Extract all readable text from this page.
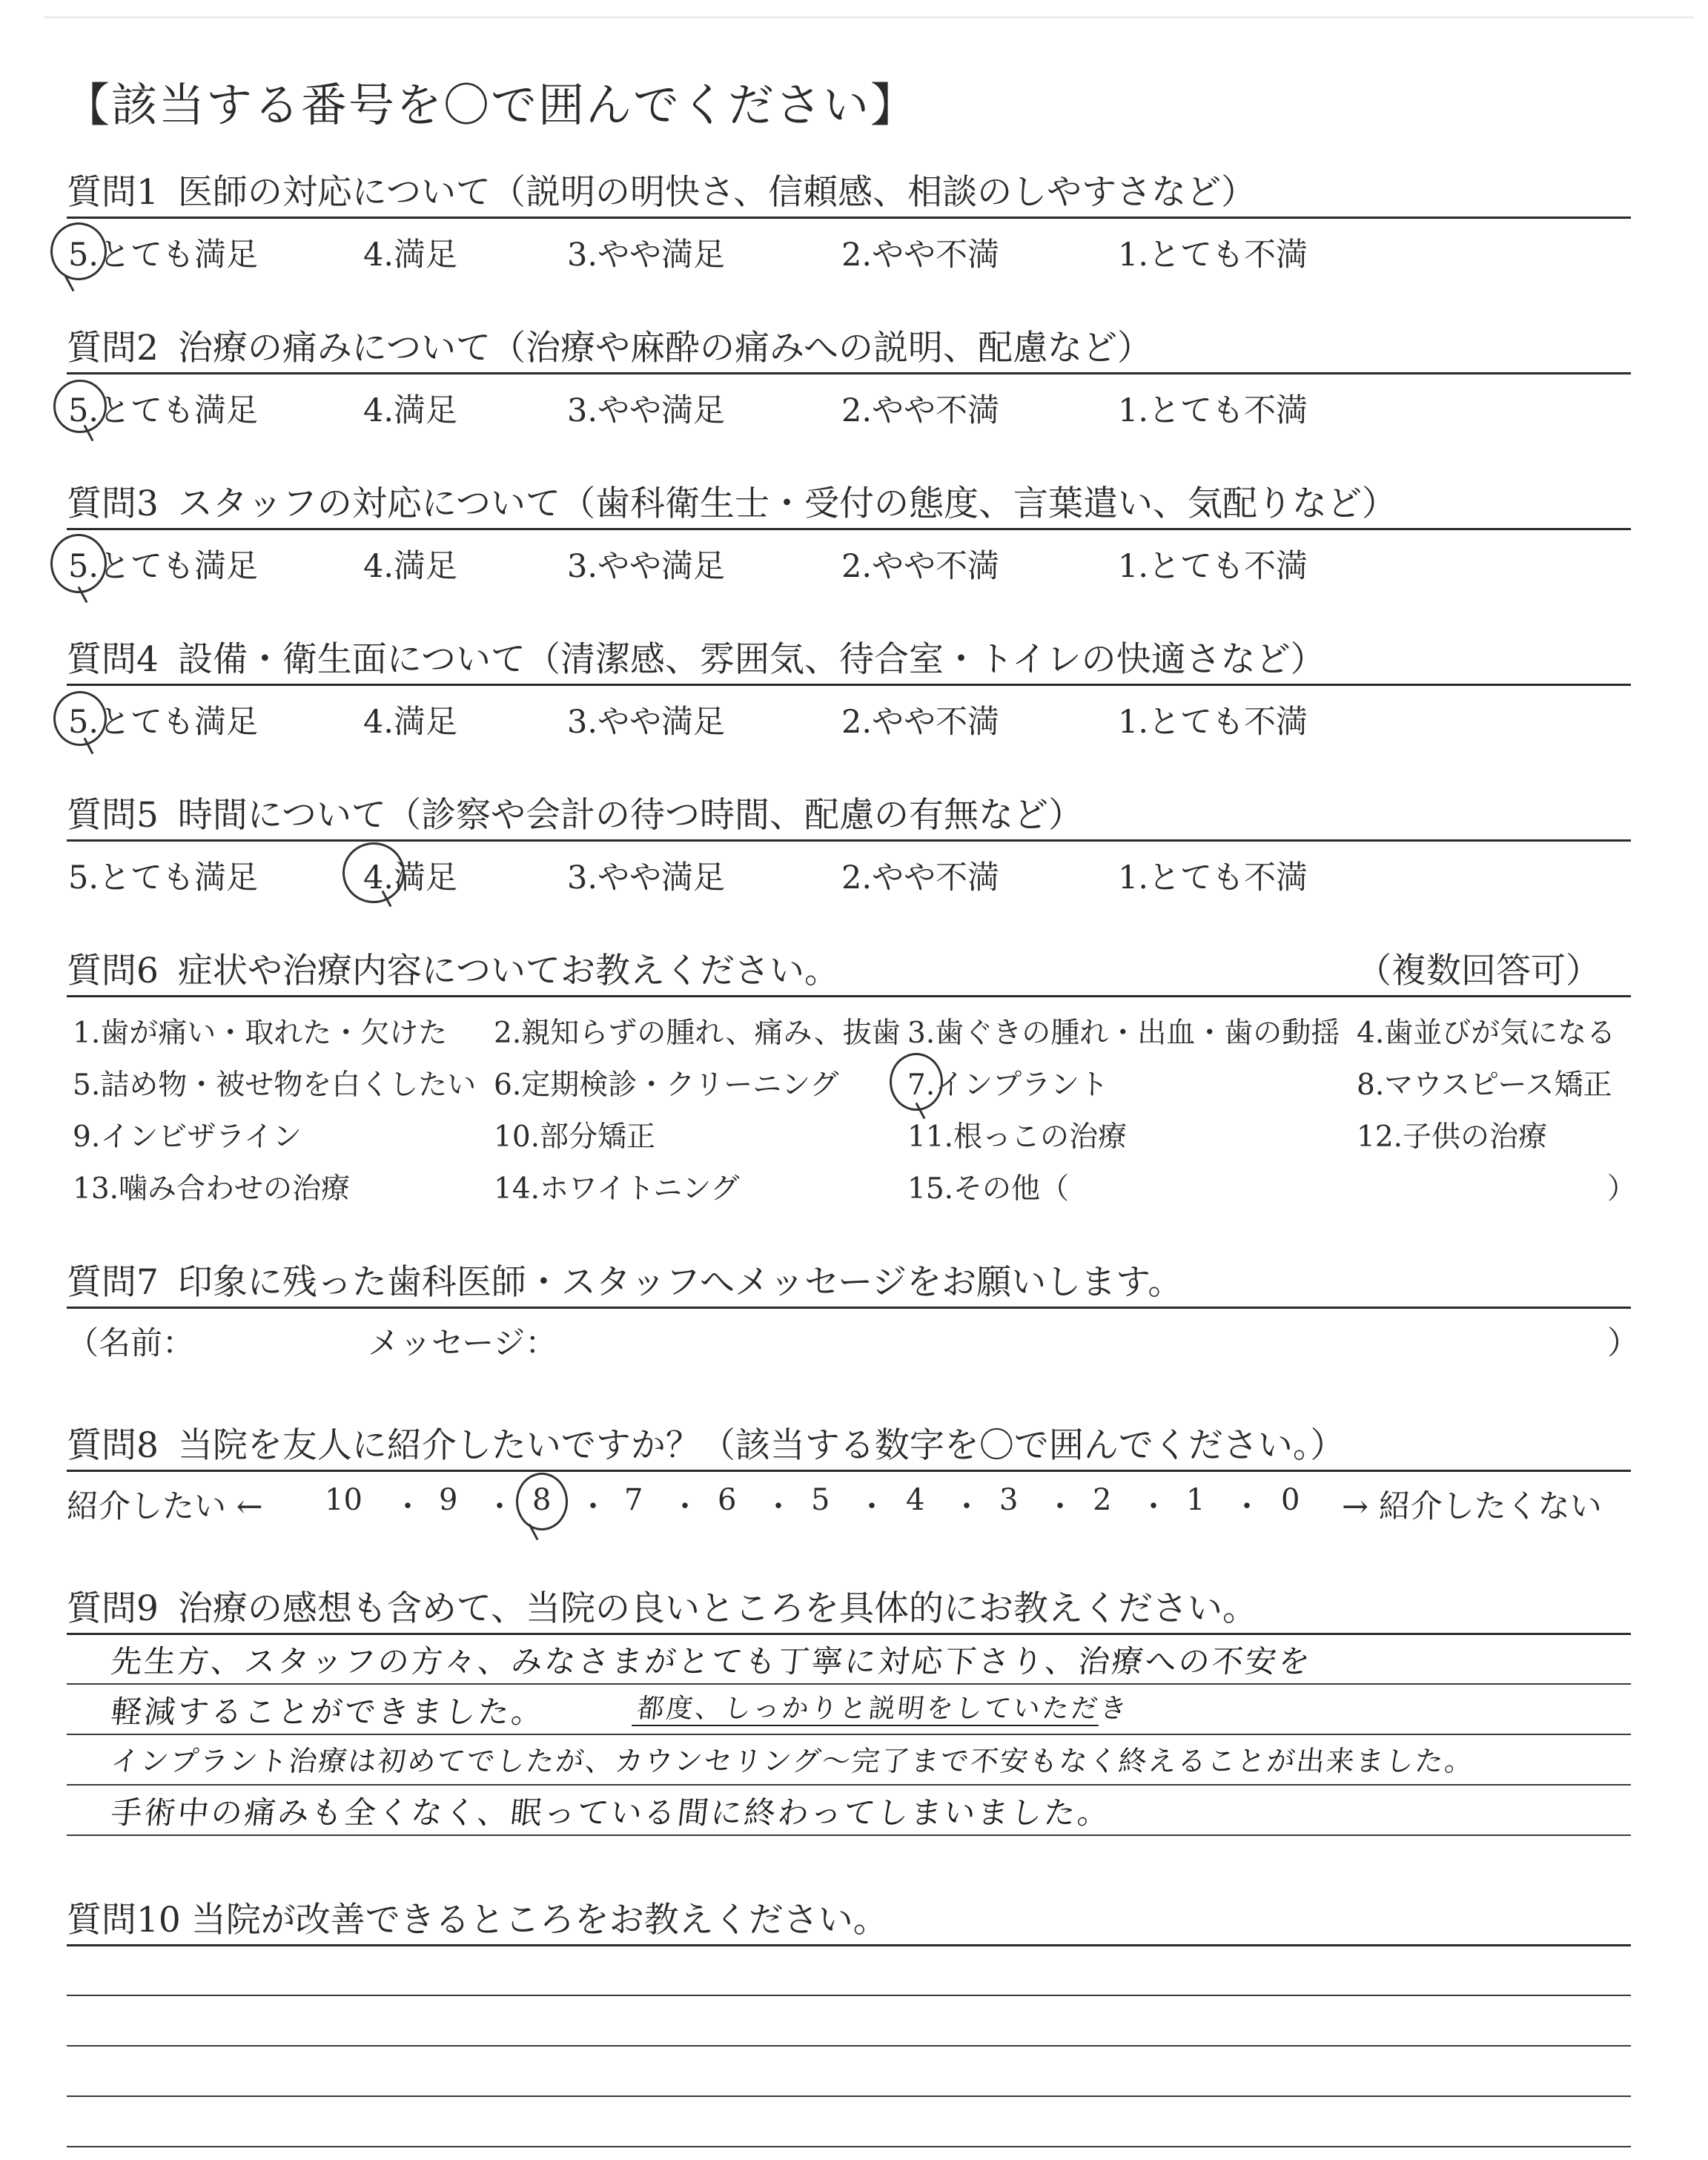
【該当する番号を〇で囲んでください】
質問1 医師の対応について（説明の明快さ、信頼感、相談のしやすさなど）
5.とても満足	4.満足	3.やや満足	2.やや不満	1.とても不満
質問2 治療の痛みについて（治療や麻酔の痛みへの説明、配慮など）
5.とても満足	4.満足	3.やや満足	2.やや不満	1.とても不満
質問3 スタッフの対応について（歯科衛生士・受付の態度、言葉遣い、気配りなど）
5.とても満足	4.満足	3.やや満足	2.やや不満	1.とても不満
質問4 設備・衛生面について（清潔感、雰囲気、待合室・トイレの快適さなど）
5.とても満足	4.満足	3.やや満足	2.やや不満	1.とても不満
質問5 時間について（診察や会計の待つ時間、配慮の有無など）
5.とても満足	4.満足	3.やや満足	2.やや不満	1.とても不満
質問6 症状や治療内容についてお教えください。	（複数回答可）
1.歯が痛い・取れた・欠けた 2.親知らずの腫れ、痛み、抜歯 3.歯ぐきの腫れ・出血・歯の動揺 4.歯並びが気になる
5.詰め物・被せ物を白くしたい 6.定期検診・クリーニング 7.インプラント	8.マウスピース矯正
9.インビザライン	10.部分矯正	11.根っこの治療	12.子供の治療
13.噛み合わせの治療	14.ホワイトニング	15.その他（	）
質問7 印象に残った歯科医師・スタッフへメッセージをお願いします。
（名前：	メッセージ：	）
質問8 当院を友人に紹介したいですか？（該当する数字を〇で囲んでください。）
紹介したい ← 10 ・ 9 ・ 8 ・ 7 ・ 6 ・ 5 ・ 4 ・ 3 ・ 2 ・ 1 ・ 0 → 紹介したくない
質問9 治療の感想も含めて、当院の良いところを具体的にお教えください。
先生方、スタッフの方々、みなさまがとても丁寧に対応下さり、治療への不安を
軽減することができました。	都度、しっかりと説明をしていただき
インプラント治療は初めてでしたが、カウンセリング～完了まで不安もなく終えることが出来ました。
手術中の痛みも全くなく、眠っている間に終わってしまいました。
質問10 当院が改善できるところをお教えください。
